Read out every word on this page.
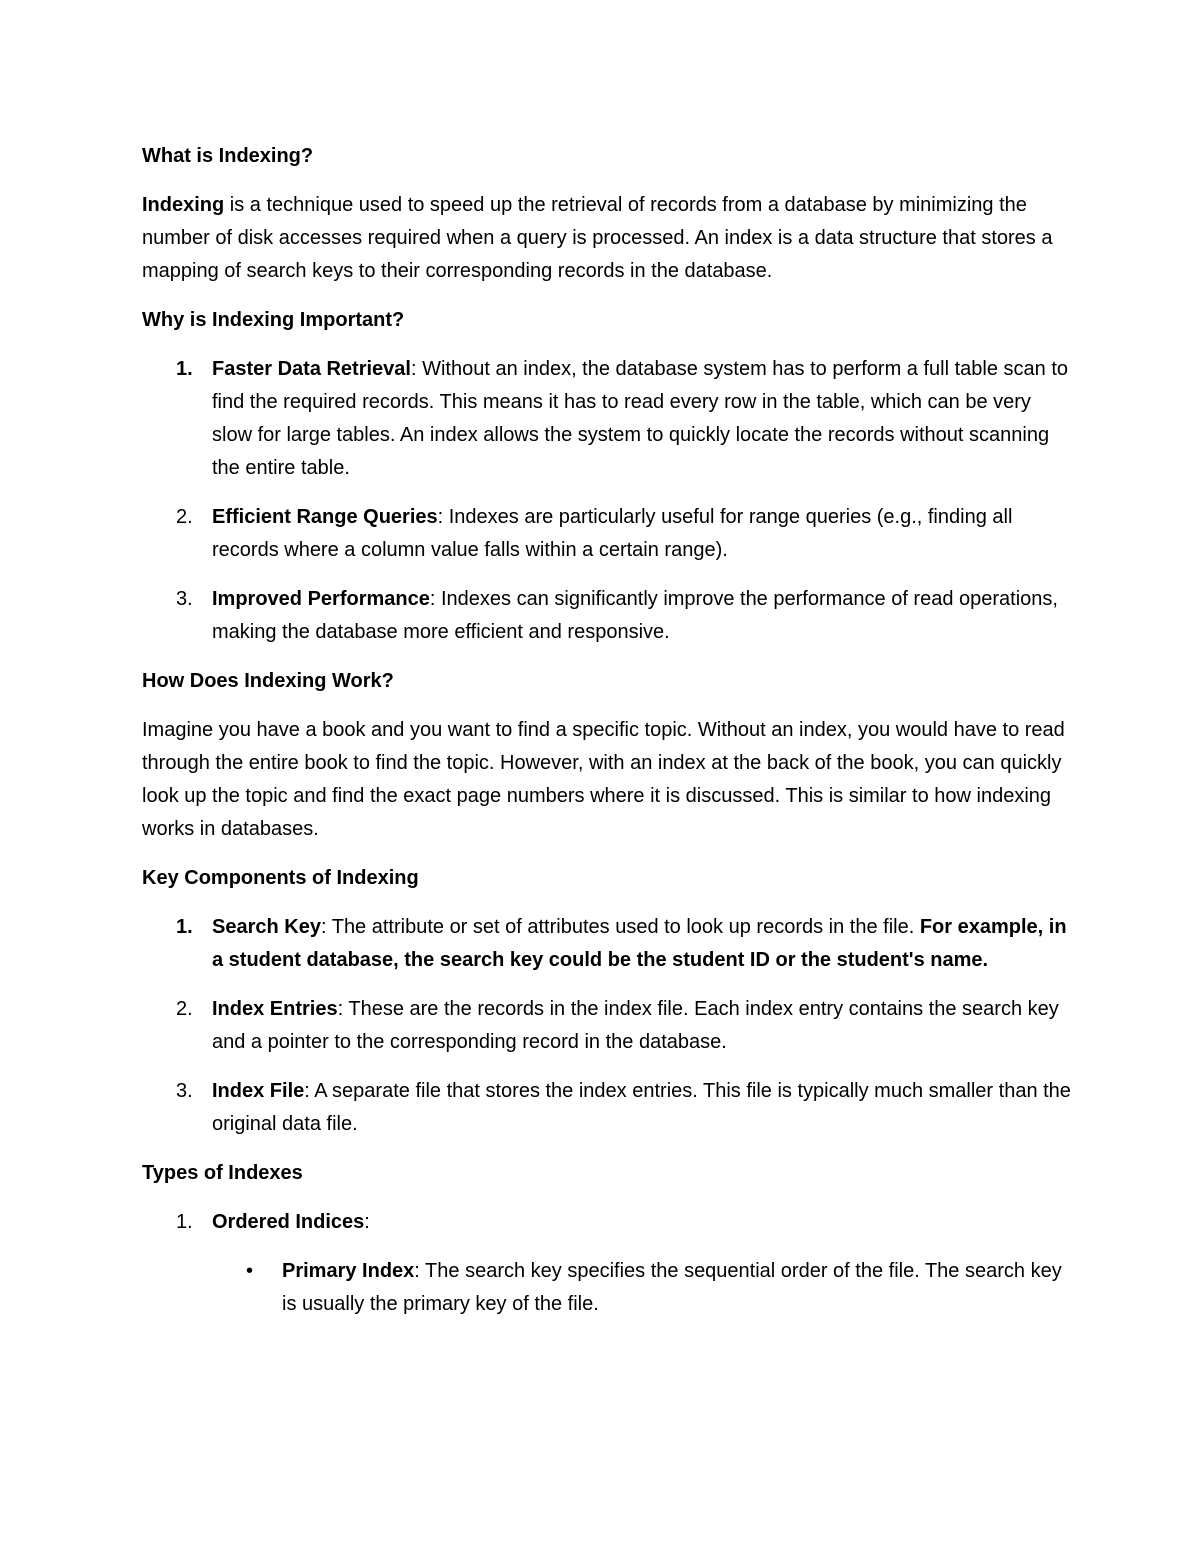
What is Indexing?
Indexing is a technique used to speed up the retrieval of records from a database by minimizing the number of disk accesses required when a query is processed. An index is a data structure that stores a mapping of search keys to their corresponding records in the database.
Why is Indexing Important?
1. Faster Data Retrieval: Without an index, the database system has to perform a full table scan to find the required records. This means it has to read every row in the table, which can be very slow for large tables. An index allows the system to quickly locate the records without scanning the entire table.
2. Efficient Range Queries: Indexes are particularly useful for range queries (e.g., finding all records where a column value falls within a certain range).
3. Improved Performance: Indexes can significantly improve the performance of read operations, making the database more efficient and responsive.
How Does Indexing Work?
Imagine you have a book and you want to find a specific topic. Without an index, you would have to read through the entire book to find the topic. However, with an index at the back of the book, you can quickly look up the topic and find the exact page numbers where it is discussed. This is similar to how indexing works in databases.
Key Components of Indexing
1. Search Key: The attribute or set of attributes used to look up records in the file. For example, in a student database, the search key could be the student ID or the student's name.
2. Index Entries: These are the records in the index file. Each index entry contains the search key and a pointer to the corresponding record in the database.
3. Index File: A separate file that stores the index entries. This file is typically much smaller than the original data file.
Types of Indexes
1. Ordered Indices:
•	Primary Index: The search key specifies the sequential order of the file. The search key is usually the primary key of the file.
